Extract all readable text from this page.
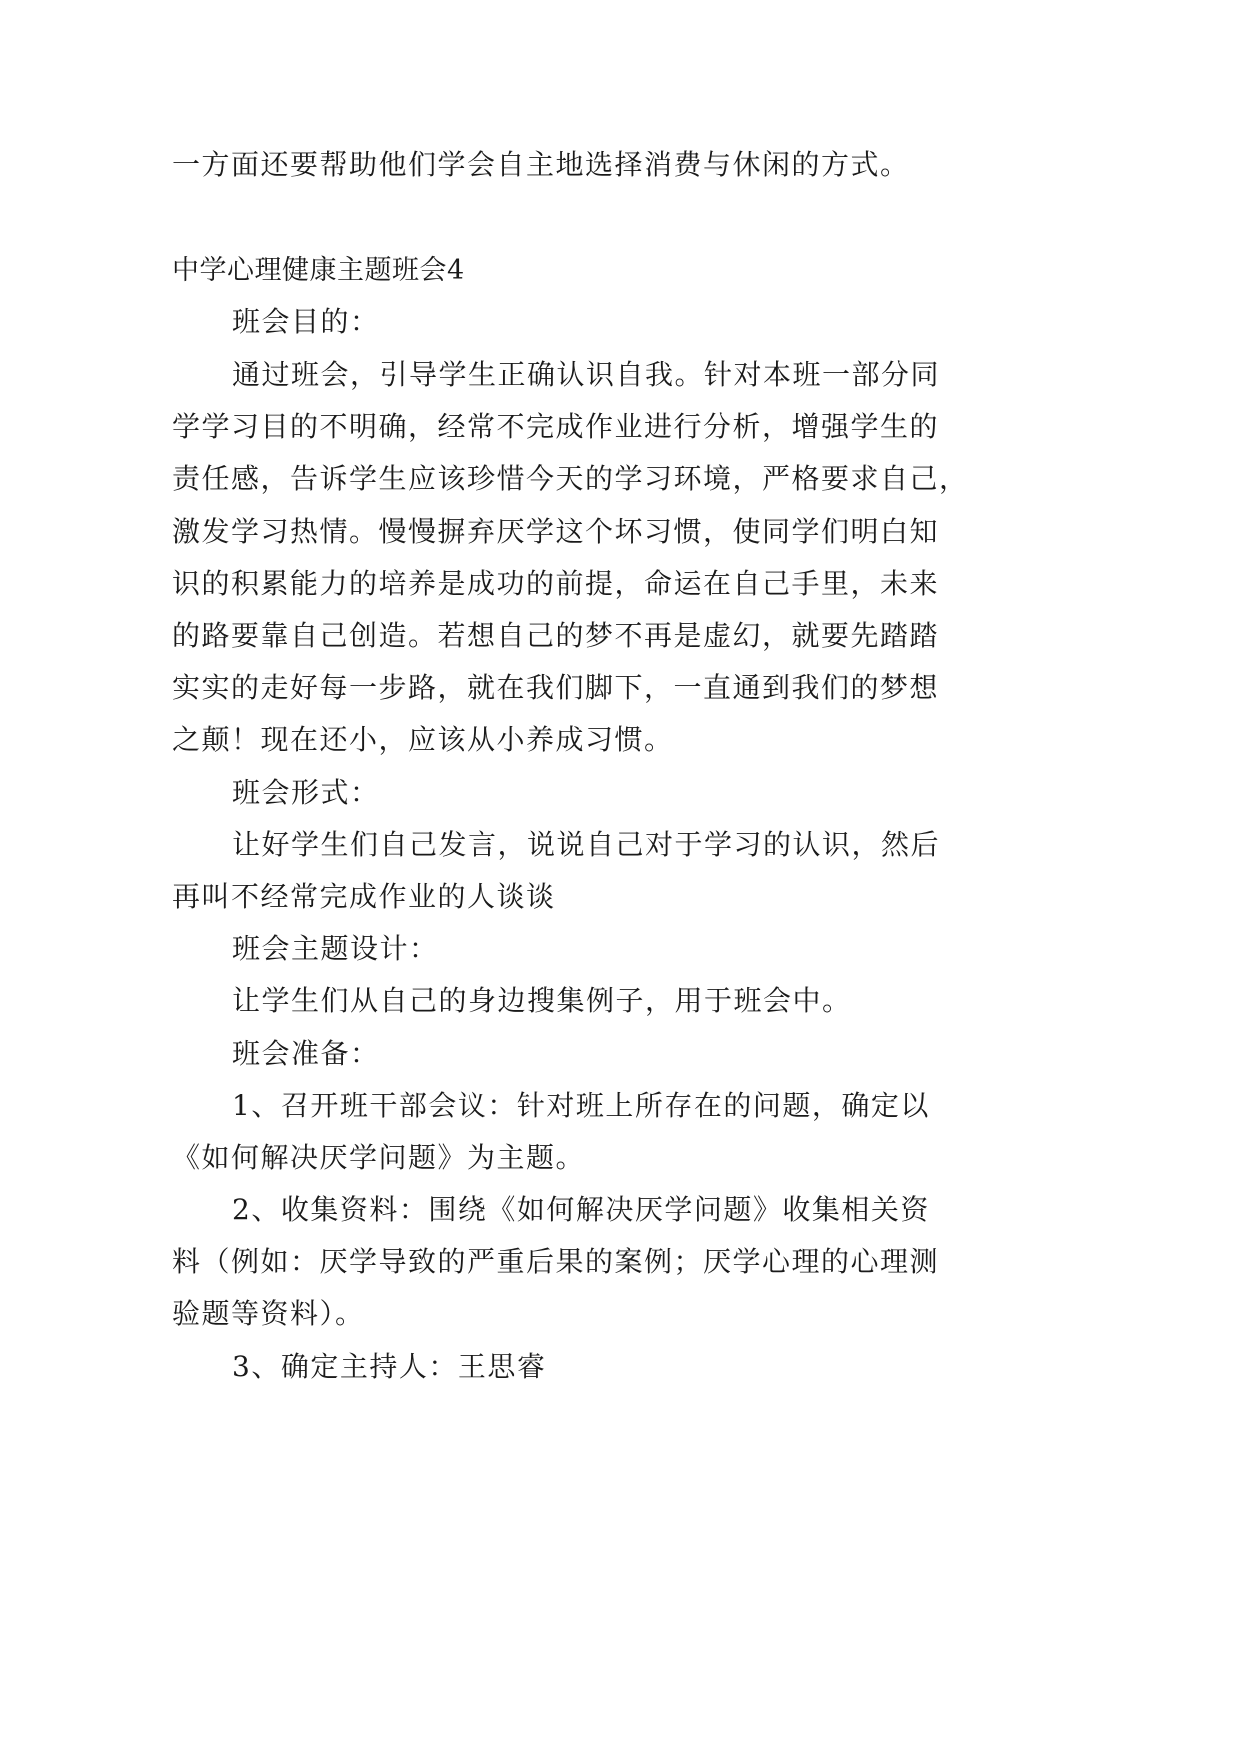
一方面还要帮助他们学会自主地选择消费与休闲的方式。
中学心理健康主题班会4
班会目的：
通过班会，引导学生正确认识自我。针对本班一部分同
学学习目的不明确，经常不完成作业进行分析，增强学生的
责任感，告诉学生应该珍惜今天的学习环境，严格要求自己，
激发学习热情。慢慢摒弃厌学这个坏习惯，使同学们明白知
识的积累能力的培养是成功的前提，命运在自己手里，未来
的路要靠自己创造。若想自己的梦不再是虚幻，就要先踏踏
实实的走好每一步路，就在我们脚下，一直通到我们的梦想
之颠！现在还小，应该从小养成习惯。
班会形式：
让好学生们自己发言，说说自己对于学习的认识，然后
再叫不经常完成作业的人谈谈
班会主题设计：
让学生们从自己的身边搜集例子，用于班会中。
班会准备：
1、召开班干部会议：针对班上所存在的问题，确定以
《如何解决厌学问题》为主题。
2、收集资料：围绕《如何解决厌学问题》收集相关资
料（例如：厌学导致的严重后果的案例；厌学心理的心理测
验题等资料）。
3、确定主持人：王思睿
